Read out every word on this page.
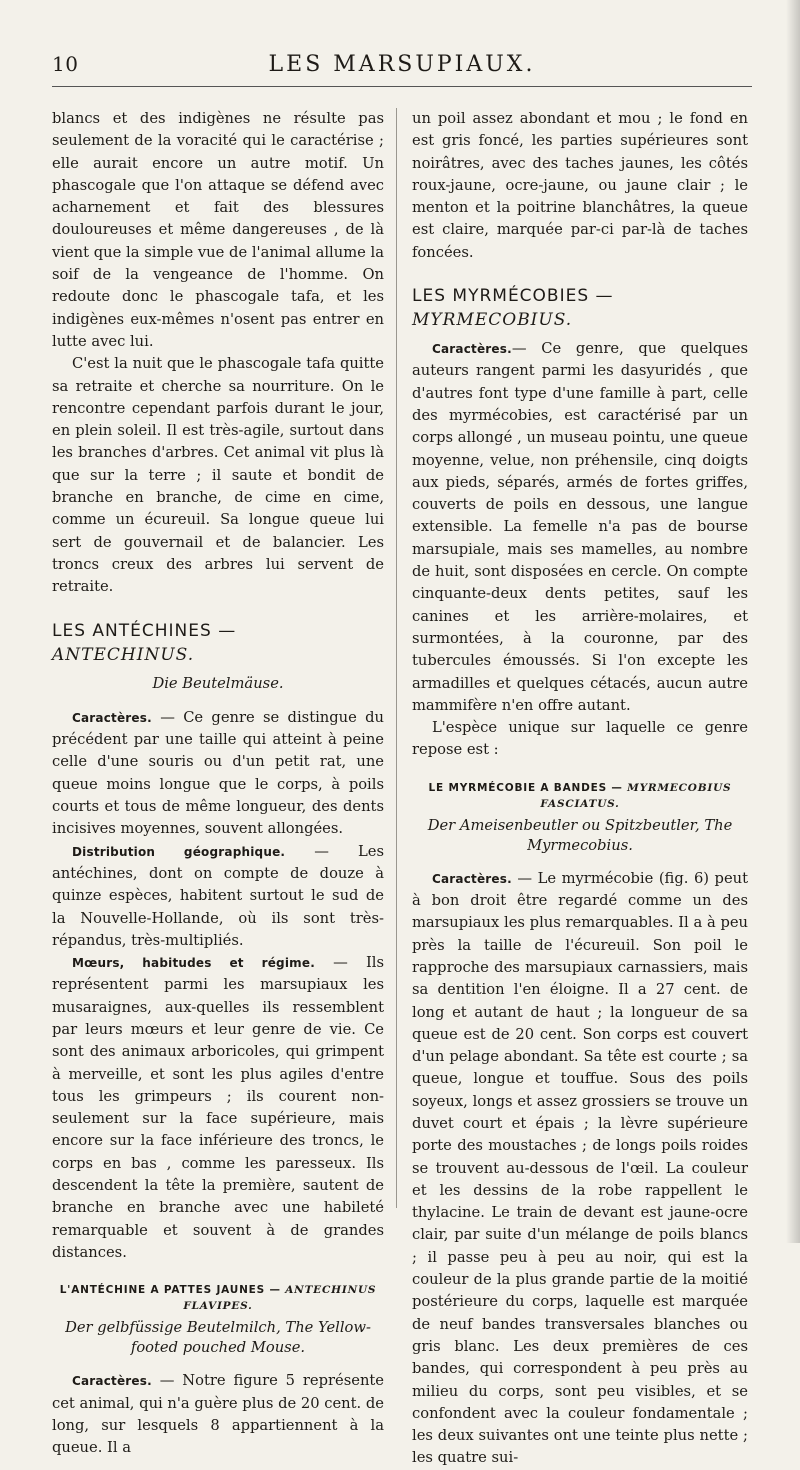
10	LES MARSUPIAUX.

blancs et des indigènes ne résulte pas seulement de la voracité qui le caractérise ; elle aurait encore un autre motif. Un phascogale que l'on attaque se défend avec acharnement et fait des blessures douloureuses et même dangereuses , de là vient que la simple vue de l'animal allume la soif de la vengeance de l'homme. On redoute donc le phascogale tafa, et les indigènes eux-mêmes n'osent pas entrer en lutte avec lui.

C'est la nuit que le phascogale tafa quitte sa retraite et cherche sa nourriture. On le rencontre cependant parfois durant le jour, en plein soleil. Il est très-agile, surtout dans les branches d'arbres. Cet animal vit plus là que sur la terre ; il saute et bondit de branche en branche, de cime en cime, comme un écureuil. Sa longue queue lui sert de gouvernail et de balancier. Les troncs creux des arbres lui servent de retraite.

LES ANTÉCHINES — ANTECHINUS.
Die Beutelmäuse.

Caractères. — Ce genre se distingue du précédent par une taille qui atteint à peine celle d'une souris ou d'un petit rat, une queue moins longue que le corps, à poils courts et tous de même longueur, des dents incisives moyennes, souvent allongées.

Distribution géographique. — Les antéchines, dont on compte de douze à quinze espèces, habitent surtout le sud de la Nouvelle-Hollande, où ils sont très-répandus, très-multipliés.

Mœurs, habitudes et régime. — Ils représentent parmi les marsupiaux les musaraignes, aux-quelles ils ressemblent par leurs mœurs et leur genre de vie. Ce sont des animaux arboricoles, qui grimpent à merveille, et sont les plus agiles d'entre tous les grimpeurs ; ils courent non-seulement sur la face supérieure, mais encore sur la face inférieure des troncs, le corps en bas , comme les paresseux. Ils descendent la tête la première, sautent de branche en branche avec une habileté remarquable et souvent à de grandes distances.

L'ANTÉCHINE A PATTES JAUNES — ANTECHINUS FLAVIPES.
Der gelbfüssige Beutelmilch, The Yellow-footed pouched Mouse.

Caractères. — Notre figure 5 représente cet animal, qui n'a guère plus de 20 cent. de long, sur lesquels 8 appartiennent à la queue. Il a

un poil assez abondant et mou ; le fond en est gris foncé, les parties supérieures sont noirâtres, avec des taches jaunes, les côtés roux-jaune, ocre-jaune, ou jaune clair ; le menton et la poitrine blanchâtres, la queue est claire, marquée par-ci par-là de taches foncées.

LES MYRMÉCOBIES — MYRMECOBIUS.

Caractères.— Ce genre, que quelques auteurs rangent parmi les dasyuridés , que d'autres font type d'une famille à part, celle des myrmécobies, est caractérisé par un corps allongé , un museau pointu, une queue moyenne, velue, non préhensile, cinq doigts aux pieds, séparés, armés de fortes griffes, couverts de poils en dessous, une langue extensible. La femelle n'a pas de bourse marsupiale, mais ses mamelles, au nombre de huit, sont disposées en cercle. On compte cinquante-deux dents petites, sauf les canines et les arrière-molaires, et surmontées, à la couronne, par des tubercules émoussés. Si l'on excepte les armadilles et quelques cétacés, aucun autre mammifère n'en offre autant.

L'espèce unique sur laquelle ce genre repose est :

LE MYRMÉCOBIE A BANDES — MYRMECOBIUS FASCIATUS.
Der Ameisenbeutler ou Spitzbeutler, The Myrmecobius.

Caractères. — Le myrmécobie (fig. 6) peut à bon droit être regardé comme un des marsupiaux les plus remarquables. Il a à peu près la taille de l'écureuil. Son poil le rapproche des marsupiaux carnassiers, mais sa dentition l'en éloigne. Il a 27 cent. de long et autant de haut ; la longueur de sa queue est de 20 cent. Son corps est couvert d'un pelage abondant. Sa tête est courte ; sa queue, longue et touffue. Sous des poils soyeux, longs et assez grossiers se trouve un duvet court et épais ; la lèvre supérieure porte des moustaches ; de longs poils roides se trouvent au-dessous de l'œil. La couleur et les dessins de la robe rappellent le thylacine. Le train de devant est jaune-ocre clair, par suite d'un mélange de poils blancs ; il passe peu à peu au noir, qui est la couleur de la plus grande partie de la moitié postérieure du corps, laquelle est marquée de neuf bandes transversales blanches ou gris blanc. Les deux premières de ces bandes, qui correspondent à peu près au milieu du corps, sont peu visibles, et se confondent avec la couleur fondamentale ; les deux suivantes ont une teinte plus nette ; les quatre sui-
